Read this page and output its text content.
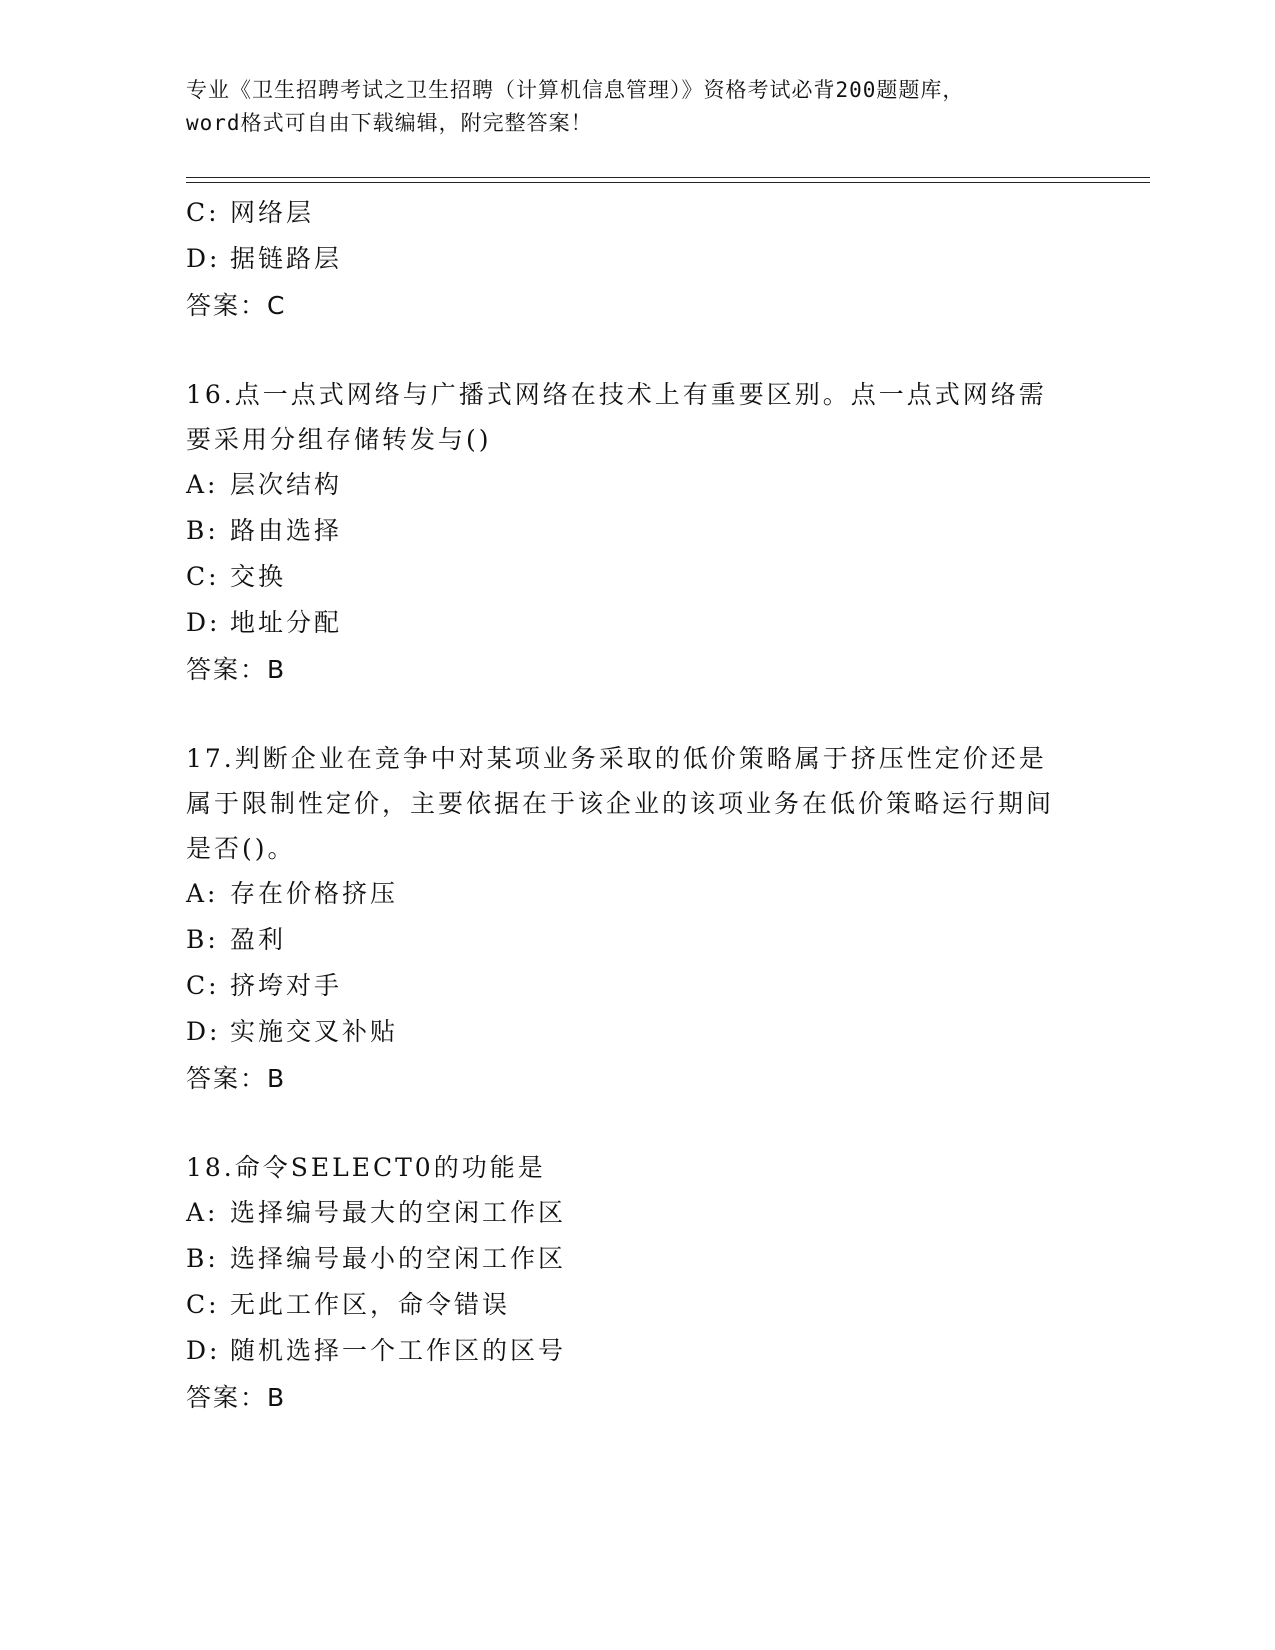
专业《卫生招聘考试之卫生招聘（计算机信息管理）》资格考试必背200题题库，
word格式可自由下载编辑，附完整答案！
C: 网络层
D: 据链路层
答案：C
16.点一点式网络与广播式网络在技术上有重要区别。点一点式网络需要采用分组存储转发与()
A: 层次结构
B: 路由选择
C: 交换
D: 地址分配
答案：B
17.判断企业在竞争中对某项业务采取的低价策略属于挤压性定价还是属于限制性定价，主要依据在于该企业的该项业务在低价策略运行期间是否()。
A: 存在价格挤压
B: 盈利
C: 挤垮对手
D: 实施交叉补贴
答案：B
18.命令SELECT0的功能是
A: 选择编号最大的空闲工作区
B: 选择编号最小的空闲工作区
C: 无此工作区，命令错误
D: 随机选择一个工作区的区号
答案：B
